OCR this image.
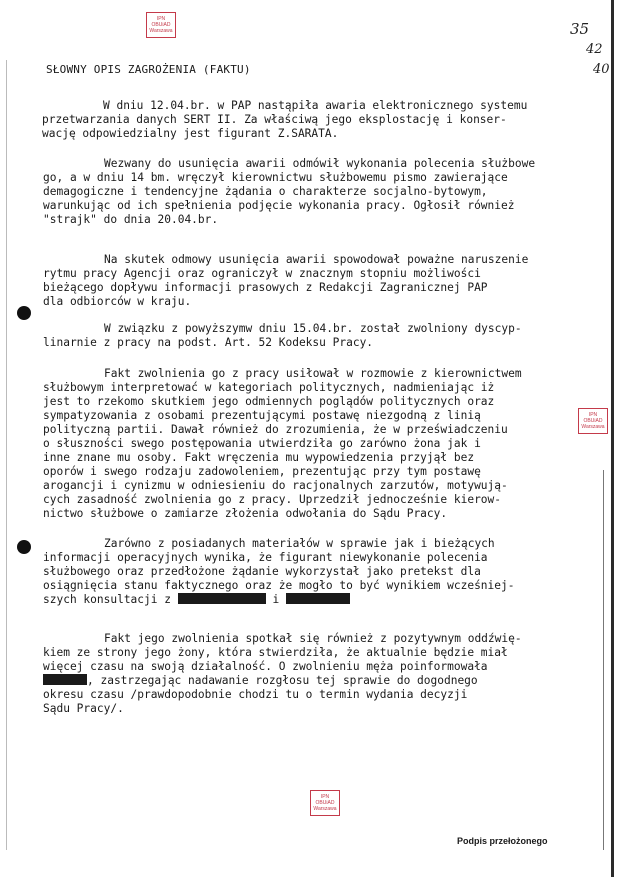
IPN
OBUiAD
Warszawa
IPN
OBUiAD
Warszawa
IPN
OBUiAD
Warszawa
35
42
40
SŁOWNY OPIS ZAGROŻENIA (FAKTU)
W dniu 12.04.br. w PAP nastąpiła awaria elektronicznego systemu
przetwarzania danych SERT II. Za właściwą jego eksplostację i konser-
wację odpowiedzialny jest figurant Z.SARATA.
Wezwany do usunięcia awarii odmówił wykonania polecenia służbowe
go, a w dniu 14 bm. wręczył kierownictwu służbowemu pismo zawierające
demagogiczne i tendencyjne żądania o charakterze socjalno-bytowym,
warunkując od ich spełnienia podjęcie wykonania pracy. Ogłosił również
"strajk" do dnia 20.04.br.
Na skutek odmowy usunięcia awarii spowodował poważne naruszenie
rytmu pracy Agencji oraz ograniczył w znacznym stopniu możliwości
bieżącego dopływu informacji prasowych z Redakcji Zagranicznej PAP
dla odbiorców w kraju.
W związku z powyższymw dniu 15.04.br. został zwolniony dyscyp-
linarnie z pracy na podst. Art. 52 Kodeksu Pracy.
Fakt zwolnienia go z pracy usiłował w rozmowie z kierownictwem
służbowym interpretować w kategoriach politycznych, nadmieniając iż
jest to rzekomo skutkiem jego odmiennych poglądów politycznych oraz
sympatyzowania z osobami prezentującymi postawę niezgodną z linią
polityczną partii. Dawał również do zrozumienia, że w przeświadczeniu
o słuszności swego postępowania utwierdziła go zarówno żona jak i
inne znane mu osoby. Fakt wręczenia mu wypowiedzenia przyjął bez
oporów i swego rodzaju zadowoleniem, prezentując przy tym postawę
arogancji i cynizmu w odniesieniu do racjonalnych zarzutów, motywują-
cych zasadność zwolnienia go z pracy. Uprzedził jednocześnie kierow-
nictwo służbowe o zamiarze złożenia odwołania do Sądu Pracy.
Zarówno z posiadanych materiałów w sprawie jak i bieżących
informacji operacyjnych wynika, że figurant niewykonanie polecenia
służbowego oraz przedłożone żądanie wykorzystał jako pretekst dla
osiągnięcia stanu faktycznego oraz że mogło to być wynikiem wcześniej-
szych konsultacji z	i
Fakt jego zwolnienia spotkał się również z pozytywnym oddźwię-
kiem ze strony jego żony, która stwierdziła, że aktualnie będzie miał
więcej czasu na swoją działalność. O zwolnieniu męża poinformowała
, zastrzegając nadawanie rozgłosu tej sprawie do dogodnego
okresu czasu /prawdopodobnie chodzi tu o termin wydania decyzji
Sądu Pracy/.
Podpis przełożonego
